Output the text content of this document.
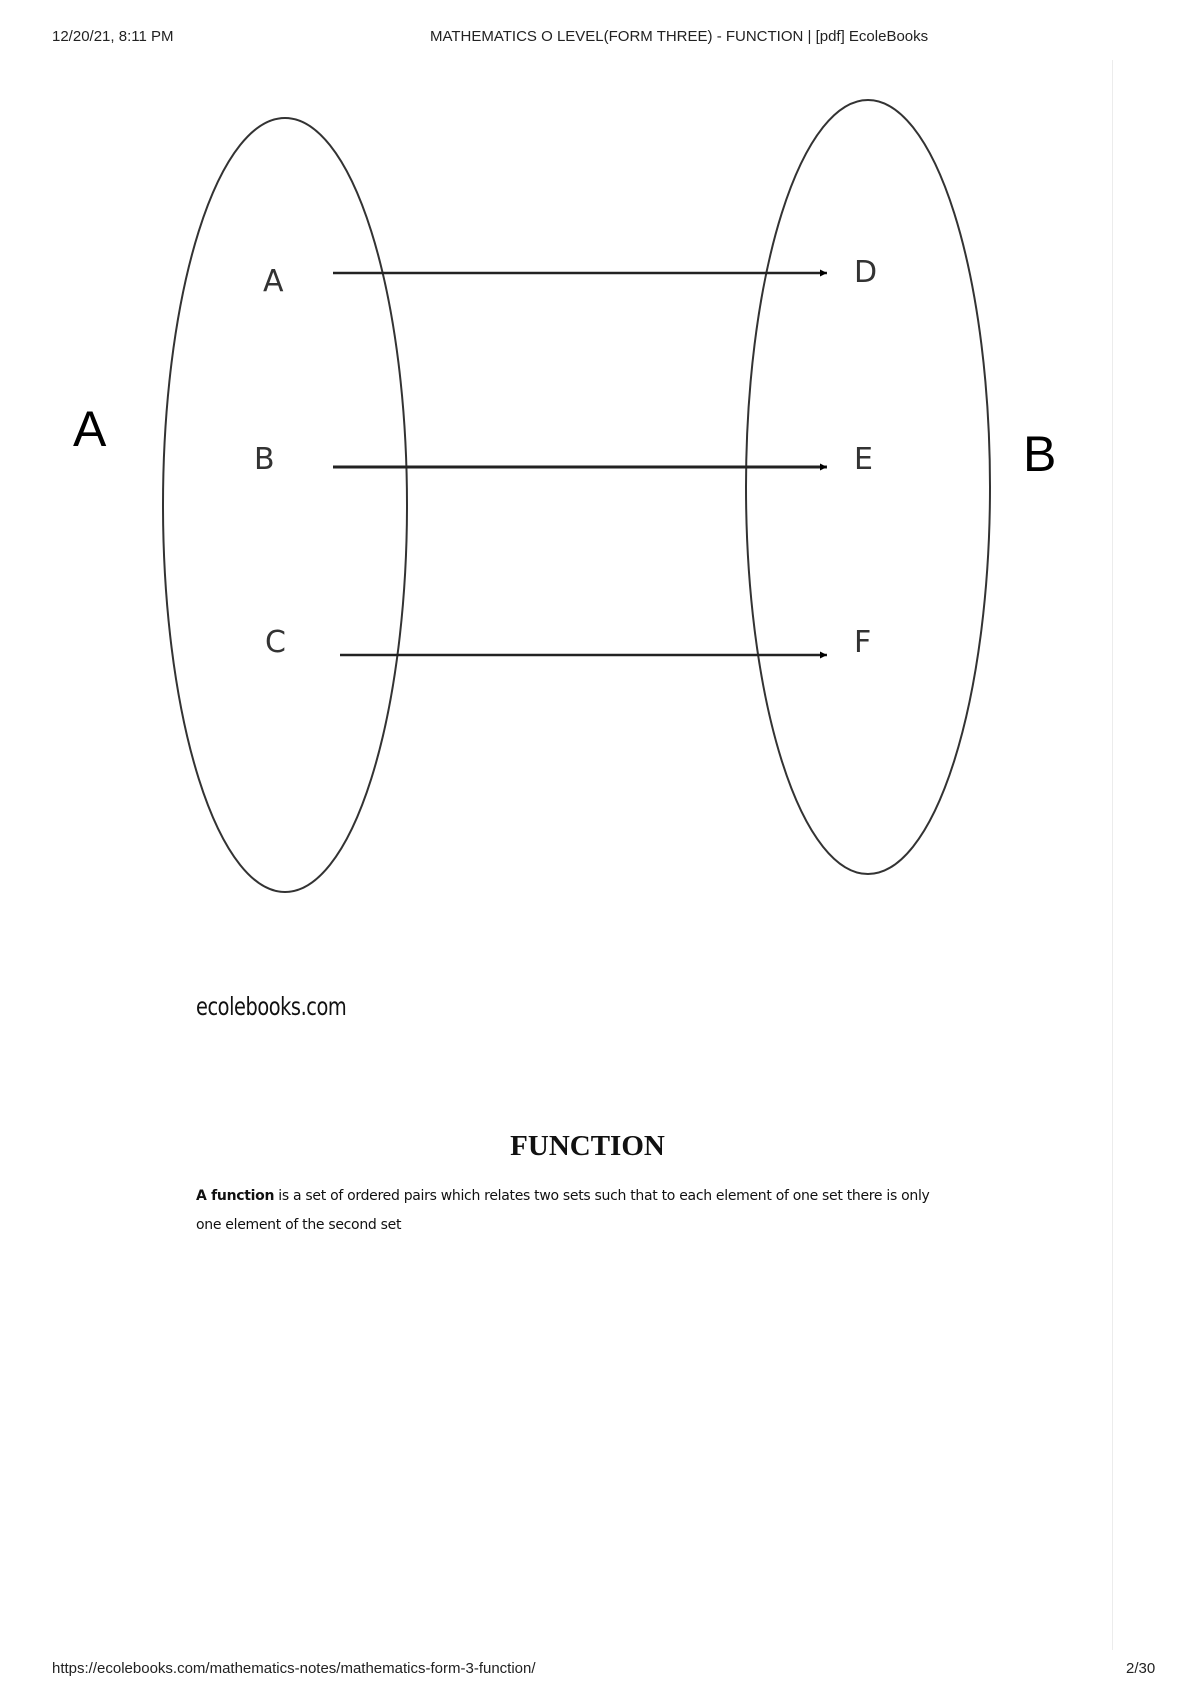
12/20/21, 8:11 PM	MATHEMATICS O LEVEL(FORM THREE) - FUNCTION | [pdf] EcoleBooks
A	B
A
B
C
D
E
F
ecolebooks.com
FUNCTION

A function is a set of ordered pairs which relates two sets such that to each element of one set there is only
one element of the second set

https://ecolebooks.com/mathematics-notes/mathematics-form-3-function/	2/30
